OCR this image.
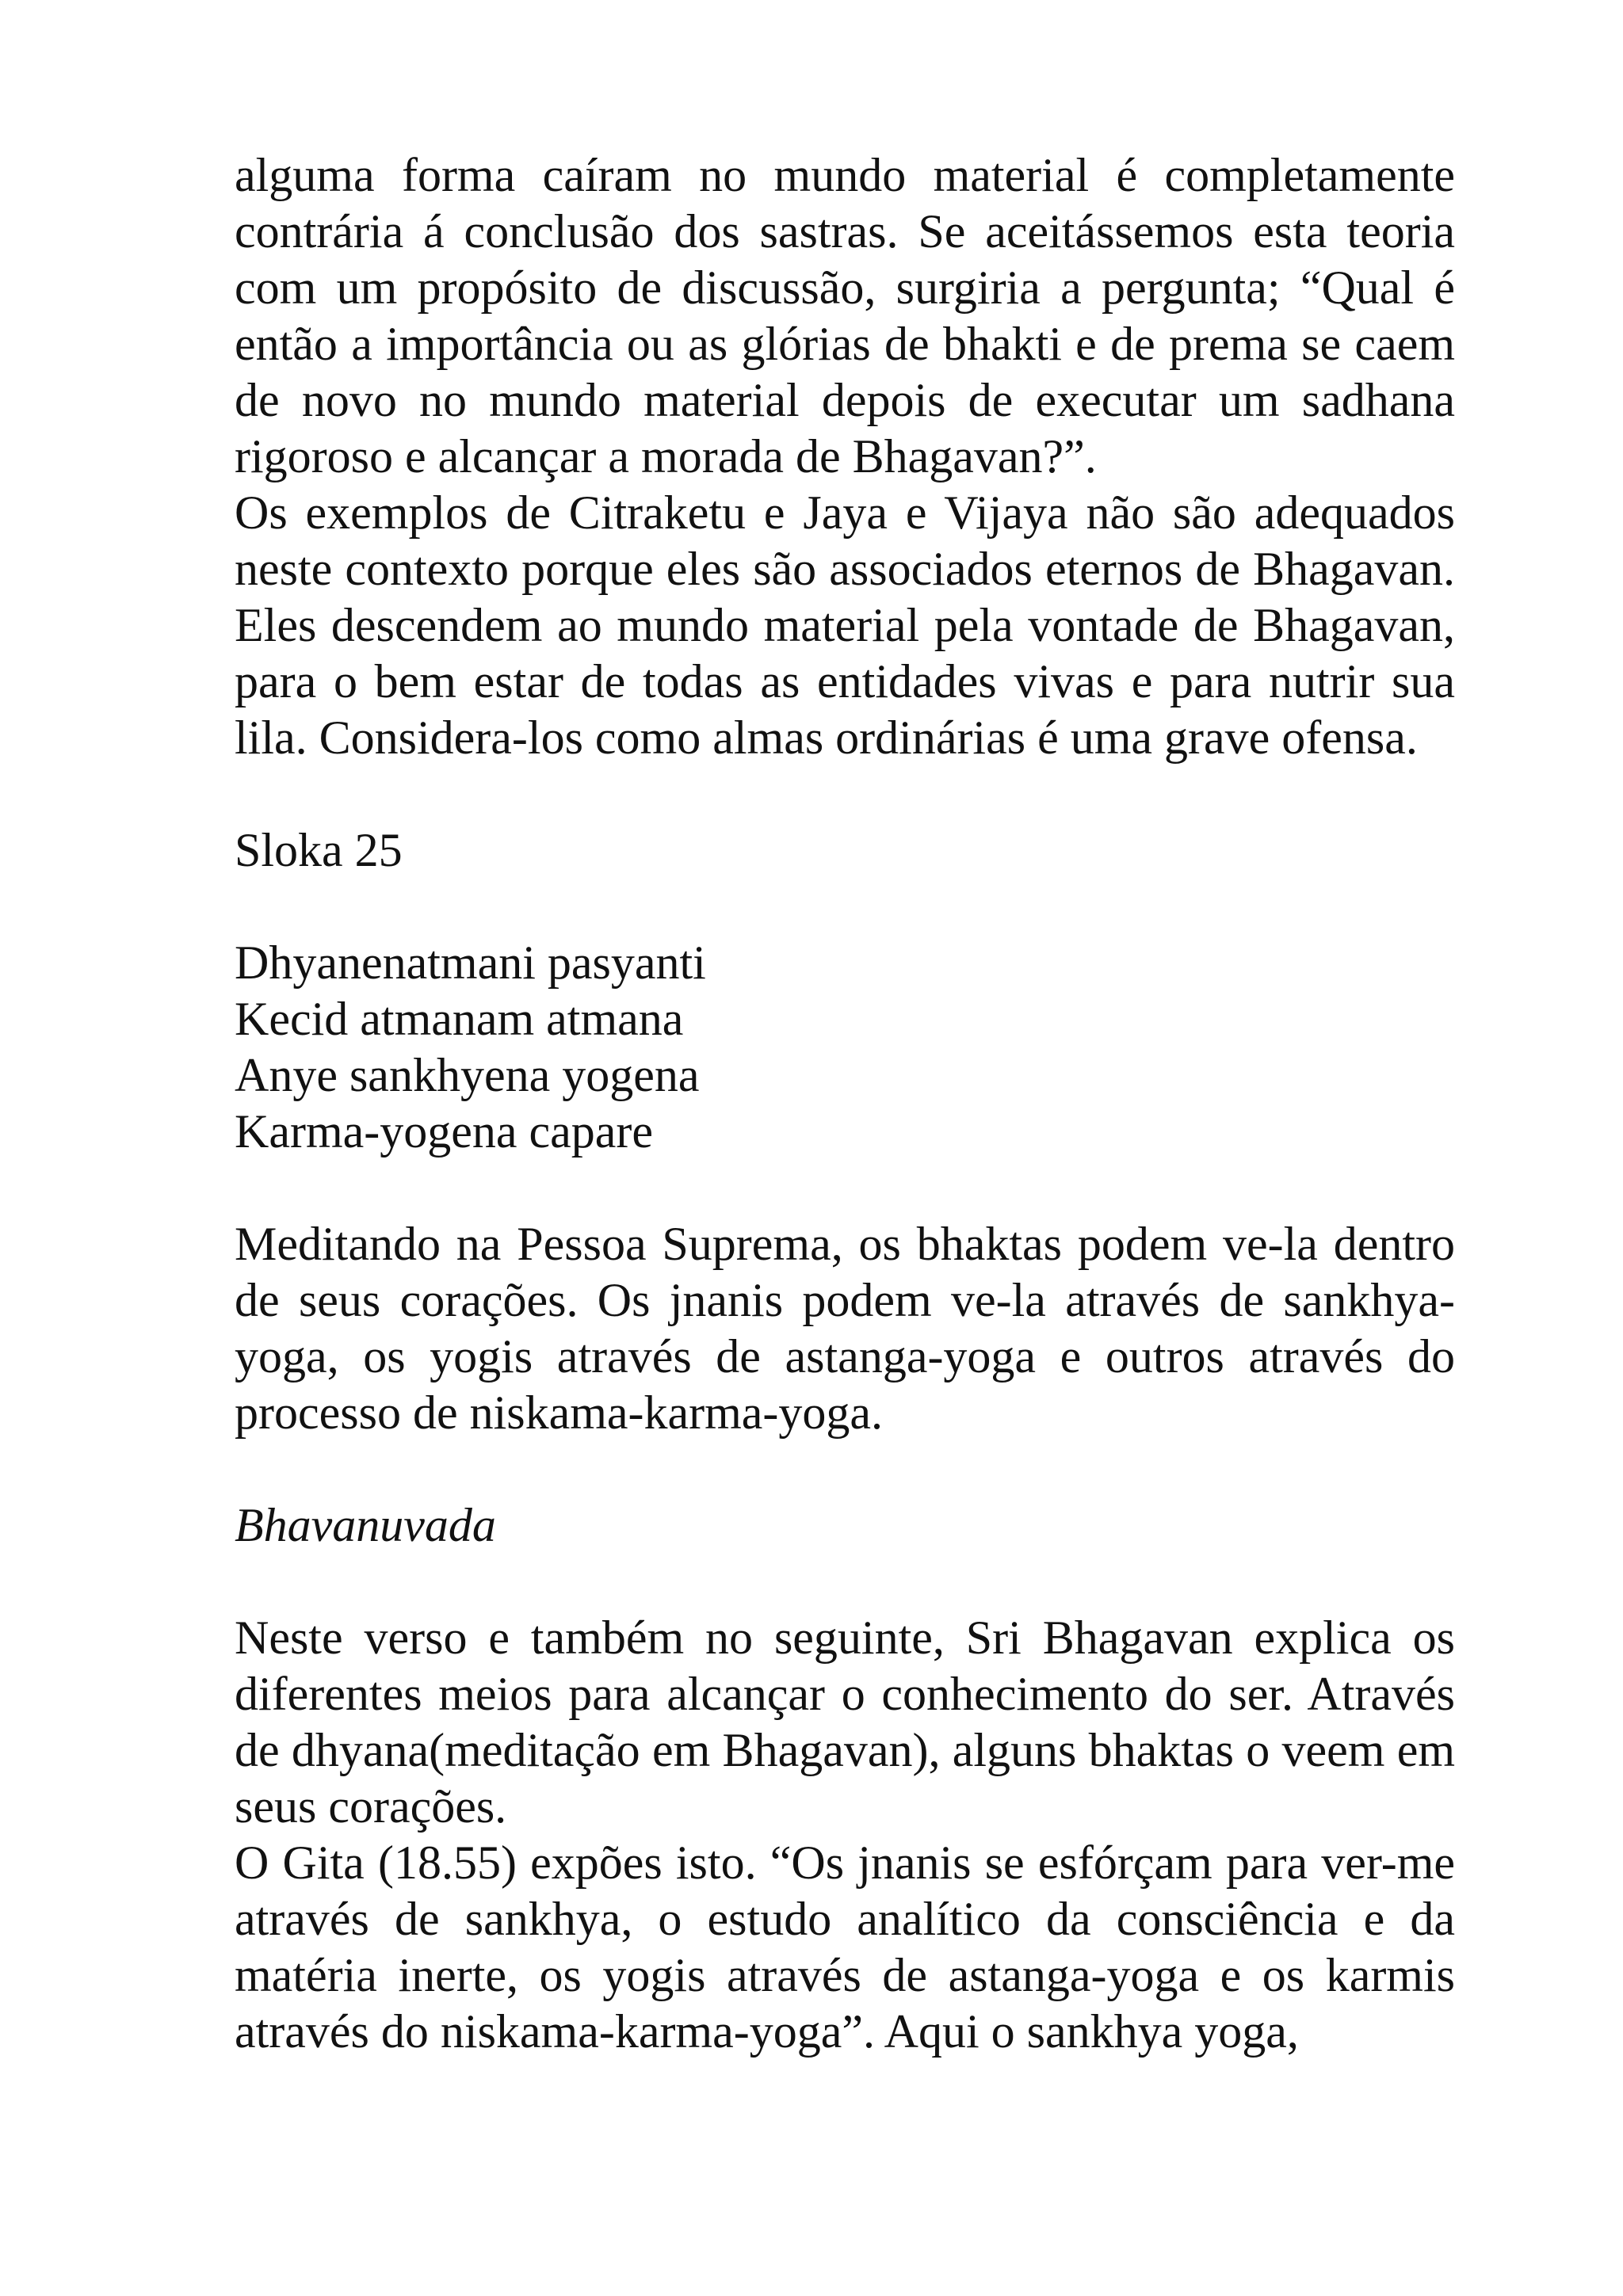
alguma forma caíram no mundo material é completamente contrária á conclusão dos sastras. Se aceitássemos esta teoria com um propósito de discussão, surgiria a pergunta; “Qual é então a importância ou as glórias de bhakti e de prema se caem de novo no mundo material depois de executar um sadhana rigoroso e alcançar a morada de Bhagavan?”.

Os exemplos de Citraketu e Jaya e Vijaya não são adequados neste contexto porque eles são associados eternos de Bhagavan. Eles descendem ao mundo material pela vontade de Bhagavan, para o bem estar de todas as entidades vivas e para nutrir sua lila. Considera-los como almas ordinárias é uma grave ofensa.

Sloka 25

Dhyanenatmani pasyanti
Kecid atmanam atmana
Anye sankhyena yogena
Karma-yogena capare

Meditando na Pessoa Suprema, os bhaktas podem ve-la dentro de seus corações. Os jnanis podem ve-la através de sankhya-yoga, os yogis através de astanga-yoga e outros através do processo de niskama-karma-yoga.

Bhavanuvada

Neste verso e também no seguinte, Sri Bhagavan explica os diferentes meios para alcançar o conhecimento do ser. Através de dhyana(meditação em Bhagavan), alguns bhaktas o veem em seus corações.

O Gita (18.55) expões isto. “Os jnanis se esfórçam para ver-me através de sankhya, o estudo analítico da consciência e da matéria inerte, os yogis através de astanga-yoga e os karmis através do niskama-karma-yoga”. Aqui o sankhya yoga,
